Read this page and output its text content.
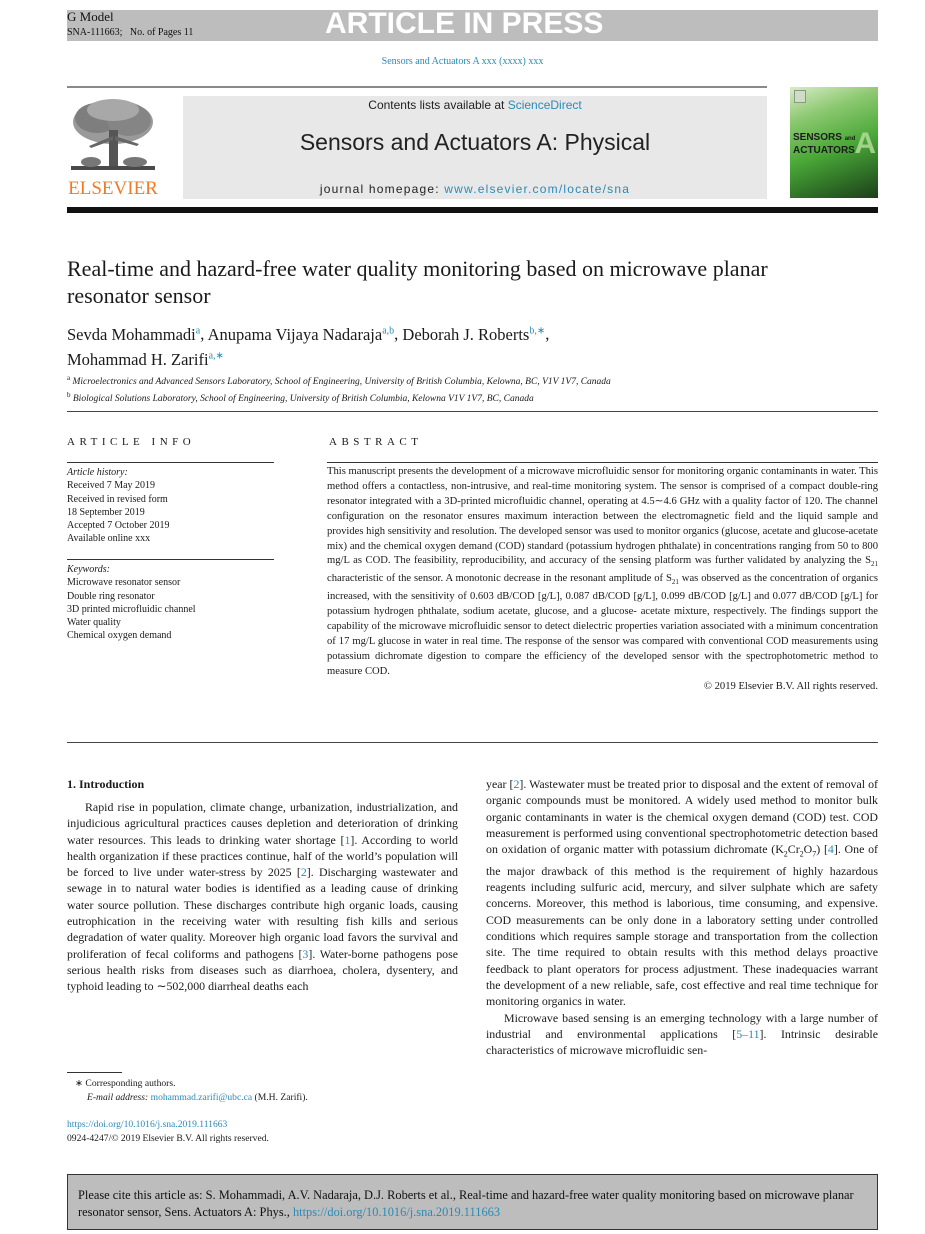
G Model
SNA-111663; No. of Pages 11	ARTICLE IN PRESS
Sensors and Actuators A xxx (xxxx) xxx
ELSEVIER
Contents lists available at ScienceDirect
Sensors and Actuators A: Physical
journal homepage: www.elsevier.com/locate/sna
SENSORS and
ACTUATORS A
Real-time and hazard-free water quality monitoring based on microwave planar resonator sensor
Sevda Mohammadi$^a$, Anupama Vijaya Nadaraja$^{a,b}$, Deborah J. Roberts$^{b,∗}$,
Mohammad H. Zarifi$^{a,∗}$
$^a$ Microelectronics and Advanced Sensors Laboratory, School of Engineering, University of British Columbia, Kelowna, BC, V1V 1V7, Canada
$^b$ Biological Solutions Laboratory, School of Engineering, University of British Columbia, Kelowna V1V 1V7, BC, Canada
ARTICLE INFO
Article history:
Received 7 May 2019
Received in revised form
18 September 2019
Accepted 7 October 2019
Available online xxx
Keywords:
Microwave resonator sensor
Double ring resonator
3D printed microfluidic channel
Water quality
Chemical oxygen demand
ABSTRACT
This manuscript presents the development of a microwave microfluidic sensor for monitoring organic contaminants in water. This method offers a contactless, non-intrusive, and real-time monitoring system. The sensor is comprised of a compact double-ring resonator integrated with a 3D-printed microfluidic channel, operating at 4.5∼4.6 GHz with a quality factor of 120. The channel configuration on the resonator ensures maximum interaction between the electromagnetic field and the liquid sample and provides high sensitivity and resolution. The developed sensor was used to monitor organics (glucose, acetate and glucose-acetate mix) and the chemical oxygen demand (COD) standard (potassium hydrogen phthalate) in concentrations ranging from 50 to 800 mg/L as COD. The feasibility, reproducibility, and accuracy of the sensing platform was further validated by analyzing the $S_{21}$ characteristic of the sensor. A monotonic decrease in the resonant amplitude of $S_{21}$ was observed as the concentration of organics increased, with the sensitivity of 0.603 dB/COD [g/L], 0.087 dB/COD [g/L], 0.099 dB/COD [g/L] and 0.077 dB/COD [g/L] for potassium hydrogen phthalate, sodium acetate, glucose, and a glucose- acetate mixture, respectively. The findings support the capability of the microwave microfluidic sensor to detect dielectric properties variation associated with a minimum concentration of 17 mg/L glucose in water in real time. The response of the sensor was compared with conventional COD measurements using potassium dichromate digestion to compare the efficiency of the developed sensor with the spectrophotometric method to measure COD.
© 2019 Elsevier B.V. All rights reserved.
1. Introduction

Rapid rise in population, climate change, urbanization, industrialization, and injudicious agricultural practices causes depletion and deterioration of drinking water resources. This leads to drinking water shortage [1]. According to world health organization if these practices continue, half of the world’s population will be forced to live under water-stress by 2025 [2]. Discharging wastewater and sewage in to natural water bodies is identified as a leading cause of drinking water source pollution. These discharges contribute high organic loads, causing eutrophication in the receiving water with resulting fish kills and serious degradation of water quality. Moreover high organic load favors the survival and proliferation of fecal coliforms and pathogens [3]. Water-borne pathogens pose serious health risks from diseases such as diarrhoea, cholera, dysentery, and typhoid leading to ∼502,000 diarrheal deaths each

year [2]. Wastewater must be treated prior to disposal and the extent of removal of organic compounds must be monitored. A widely used method to monitor bulk organic contaminants in water is the chemical oxygen demand (COD) test. COD measurement is performed using conventional spectrophotometric detection based on oxidation of organic matter with potassium dichromate $(K_2Cr_2O_7)$ [4]. One of the major drawback of this method is the requirement of highly hazardous reagents including sulfuric acid, mercury, and silver sulphate which are safety concerns. Moreover, this method is laborious, time consuming, and expensive. COD measurements can be only done in a laboratory setting under controlled conditions which requires sample storage and transportation from the collection site. The time required to obtain results with this method delays proactive feedback to plant operators for process adjustment. These inadequacies warrant the development of a new reliable, safe, cost effective and real time technique for monitoring organics in water.

Microwave based sensing is an emerging technology with a large number of industrial and environmental applications [5–11]. Intrinsic desirable characteristics of microwave microfluidic sen-

∗ Corresponding authors.
E-mail address: mohammad.zarifi@ubc.ca (M.H. Zarifi).
https://doi.org/10.1016/j.sna.2019.111663
0924-4247/© 2019 Elsevier B.V. All rights reserved.
Please cite this article as: S. Mohammadi, A.V. Nadaraja, D.J. Roberts et al., Real-time and hazard-free water quality monitoring based on microwave planar resonator sensor, Sens. Actuators A: Phys., https://doi.org/10.1016/j.sna.2019.111663
